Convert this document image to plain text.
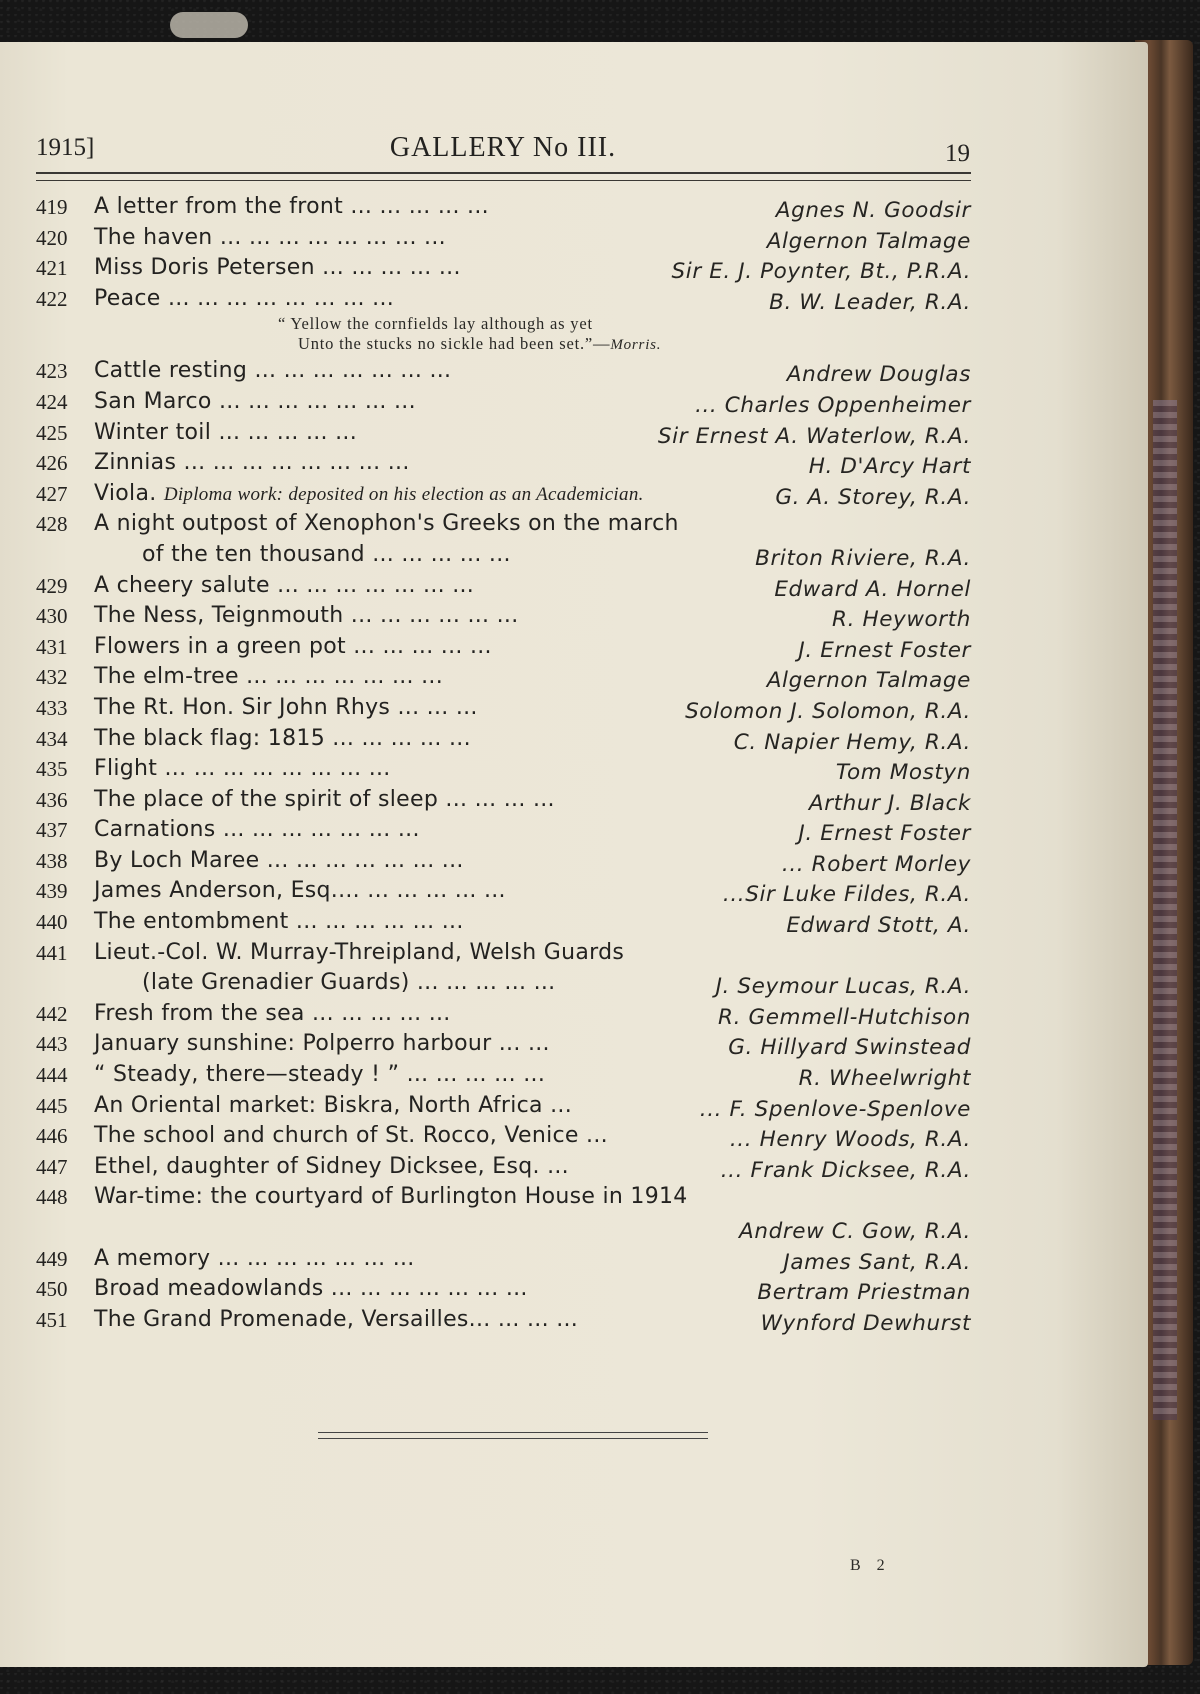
1915]	GALLERY No III.	19
419	A letter from the front ... ... ... ... ...	Agnes N. Goodsir
420	The haven ... ... ... ... ... ... ... ...	Algernon Talmage
421	Miss Doris Petersen ... ... ... ... ...	Sir E. J. Poynter, Bt., P.R.A.
422	Peace ... ... ... ... ... ... ... ...	B. W. Leader, R.A.
“ Yellow the cornfields lay although as yet
Unto the stucks no sickle had been set.”—Morris.
423	Cattle resting ... ... ... ... ... ... ...	Andrew Douglas
424	San Marco ... ... ... ... ... ... ...	... Charles Oppenheimer
425	Winter toil ... ... ... ... ...	Sir Ernest A. Waterlow, R.A.
426	Zinnias ... ... ... ... ... ... ... ...	H. D'Arcy Hart
427	Viola. Diploma work: deposited on his election as an Academician.	G. A. Storey, R.A.
428	A night outpost of Xenophon's Greeks on the march
of the ten thousand ... ... ... ... ...	Briton Riviere, R.A.
429	A cheery salute ... ... ... ... ... ... ...	Edward A. Hornel
430	The Ness, Teignmouth ... ... ... ... ... ...	R. Heyworth
431	Flowers in a green pot ... ... ... ... ...	J. Ernest Foster
432	The elm-tree ... ... ... ... ... ... ...	Algernon Talmage
433	The Rt. Hon. Sir John Rhys ... ... ...	Solomon J. Solomon, R.A.
434	The black flag: 1815 ... ... ... ... ...	C. Napier Hemy, R.A.
435	Flight ... ... ... ... ... ... ... ...	Tom Mostyn
436	The place of the spirit of sleep ... ... ... ...	Arthur J. Black
437	Carnations ... ... ... ... ... ... ...	J. Ernest Foster
438	By Loch Maree ... ... ... ... ... ... ...	... Robert Morley
439	James Anderson, Esq.... ... ... ... ... ...	...Sir Luke Fildes, R.A.
440	The entombment ... ... ... ... ... ...	Edward Stott, A.
441	Lieut.-Col. W. Murray-Threipland, Welsh Guards
(late Grenadier Guards) ... ... ... ... ...	J. Seymour Lucas, R.A.
442	Fresh from the sea ... ... ... ... ...	R. Gemmell-Hutchison
443	January sunshine: Polperro harbour ... ...	G. Hillyard Swinstead
444	“ Steady, there—steady ! ” ... ... ... ... ...	R. Wheelwright
445	An Oriental market: Biskra, North Africa ...	... F. Spenlove-Spenlove
446	The school and church of St. Rocco, Venice ...	... Henry Woods, R.A.
447	Ethel, daughter of Sidney Dicksee, Esq. ...	... Frank Dicksee, R.A.
448	War-time: the courtyard of Burlington House in 1914
Andrew C. Gow, R.A.
449	A memory ... ... ... ... ... ... ...	James Sant, R.A.
450	Broad meadowlands ... ... ... ... ... ... ...	Bertram Priestman
451	The Grand Promenade, Versailles... ... ... ...	Wynford Dewhurst
B 2
